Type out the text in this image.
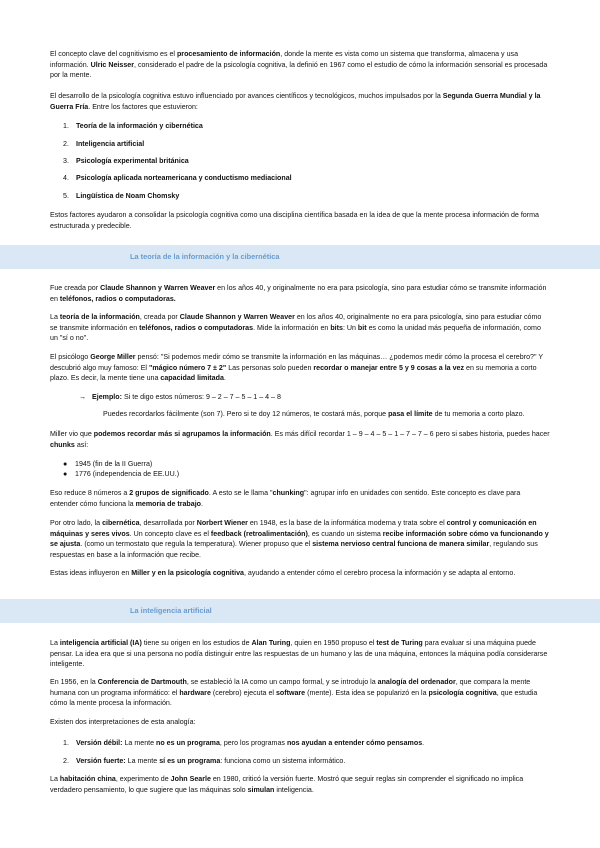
El concepto clave del cognitivismo es el procesamiento de información, donde la mente es vista como un sistema que transforma, almacena y usa información. Ulric Neisser, considerado el padre de la psicología cognitiva, la definió en 1967 como el estudio de cómo la información sensorial es procesada por la mente.

El desarrollo de la psicología cognitiva estuvo influenciado por avances científicos y tecnológicos, muchos impulsados por la Segunda Guerra Mundial y la Guerra Fría. Entre los factores que estuvieron:

1. Teoría de la información y cibernética
2. Inteligencia artificial
3. Psicología experimental británica
4. Psicología aplicada norteamericana y conductismo mediacional
5. Lingüística de Noam Chomsky

Estos factores ayudaron a consolidar la psicología cognitiva como una disciplina científica basada en la idea de que la mente procesa información de forma estructurada y predecible.

La teoría de la información y la cibernética

Fue creada por Claude Shannon y Warren Weaver en los años 40, y originalmente no era para psicología, sino para estudiar cómo se transmite información en teléfonos, radios o computadoras.

La teoría de la información, creada por Claude Shannon y Warren Weaver en los años 40, originalmente no era para psicología, sino para estudiar cómo se transmite información en teléfonos, radios o computadoras. Mide la información en bits: Un bit es como la unidad más pequeña de información, como un "sí o no".

El psicólogo George Miller pensó: "Si podemos medir cómo se transmite la información en las máquinas… ¿podemos medir cómo la procesa el cerebro?" Y descubrió algo muy famoso: El "mágico número 7 ± 2" Las personas solo pueden recordar o manejar entre 5 y 9 cosas a la vez en su memoria a corto plazo. Es decir, la mente tiene una capacidad limitada.

→ Ejemplo: Si te digo estos números: 9 – 2 – 7 – 5 – 1 – 4 – 8

Puedes recordarlos fácilmente (son 7). Pero si te doy 12 números, te costará más, porque pasa el límite de tu memoria a corto plazo.

Miller vio que podemos recordar más si agrupamos la información. Es más difícil recordar 1 – 9 – 4 – 5 – 1 – 7 – 7 – 6 pero si sabes historia, puedes hacer chunks así:

● 1945 (fin de la II Guerra)

● 1776 (independencia de EE.UU.)

Eso reduce 8 números a 2 grupos de significado. A esto se le llama "chunking": agrupar info en unidades con sentido. Este concepto es clave para entender cómo funciona la memoria de trabajo.

Por otro lado, la cibernética, desarrollada por Norbert Wiener en 1948, es la base de la informática moderna y trata sobre el control y comunicación en máquinas y seres vivos. Un concepto clave es el feedback (retroalimentación), es cuando un sistema recibe información sobre cómo va funcionando y se ajusta. (como un termostato que regula la temperatura). Wiener propuso que el sistema nervioso central funciona de manera similar, regulando sus respuestas en base a la información que recibe.

Estas ideas influyeron en Miller y en la psicología cognitiva, ayudando a entender cómo el cerebro procesa la información y se adapta al entorno.

La inteligencia artificial

La inteligencia artificial (IA) tiene su origen en los estudios de Alan Turing, quien en 1950 propuso el test de Turing para evaluar si una máquina puede pensar. La idea era que si una persona no podía distinguir entre las respuestas de un humano y las de una máquina, entonces la máquina podía considerarse inteligente.

En 1956, en la Conferencia de Dartmouth, se estableció la IA como un campo formal, y se introdujo la analogía del ordenador, que compara la mente humana con un programa informático: el hardware (cerebro) ejecuta el software (mente). Esta idea se popularizó en la psicología cognitiva, que estudia cómo la mente procesa la información.

Existen dos interpretaciones de esta analogía:

1. Versión débil: La mente no es un programa, pero los programas nos ayudan a entender cómo pensamos.

2. Versión fuerte: La mente sí es un programa: funciona como un sistema informático.

La habitación china, experimento de John Searle en 1980, criticó la versión fuerte. Mostró que seguir reglas sin comprender el significado no implica verdadero pensamiento, lo que sugiere que las máquinas solo simulan inteligencia.
